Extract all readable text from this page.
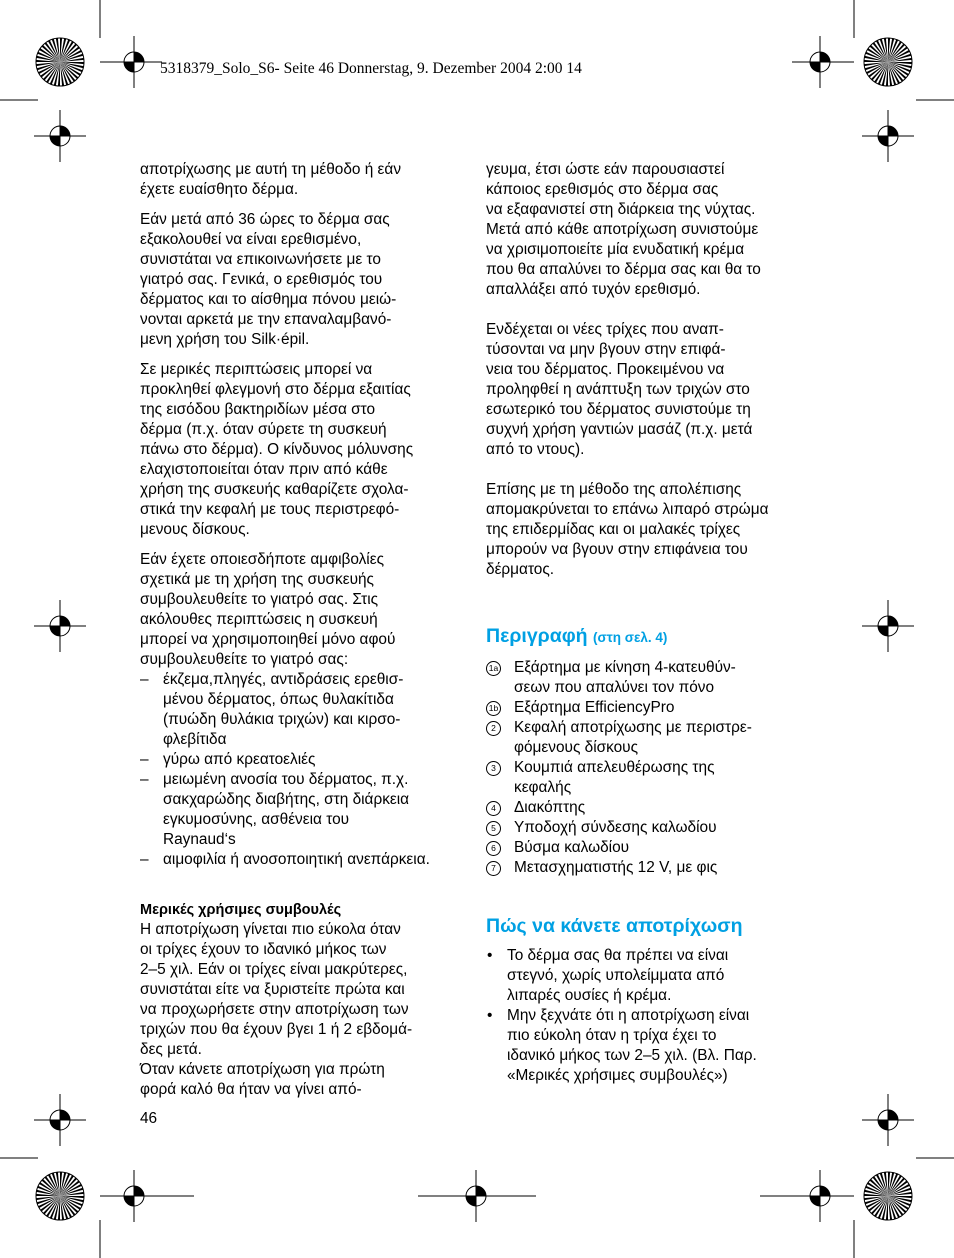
5318379_Solo_S6- Seite 46 Donnerstag, 9. Dezember 2004 2:00 14
αποτρίχωσης με αυτή τη μέθοδο ή εάν
έχετε ευαίσθητο δέρμα.
Εάν μετά από 36 ώρες το δέρμα σας
εξακολουθεί να είναι ερεθισμένο,
συνιστάται να επικοινωνήσετε με το
γιατρό σας. Γενικά, ο ερεθισμός του
δέρματος και το αίσθημα πόνου μειώ-
νονται αρκετά με την επαναλαμβανό-
μενη χρήση του Silk·épil.
Σε μερικές περιπτώσεις μπορεί να
προκληθεί φλεγμονή στο δέρμα εξαιτίας
της εισόδου βακτηριδίων μέσα στο
δέρμα (π.χ. όταν σύρετε τη συσκευή
πάνω στο δέρμα). Ο κίνδυνος μόλυνσης
ελαχιστοποιείται όταν πριν από κάθε
χρήση της συσκευής καθαρίζετε σχολα-
στικά την κεφαλή με τους περιστρεφό-
μενους δίσκους.
Εάν έχετε οποιεσδήποτε αμφιβολίες
σχετικά με τη χρήση της συσκευής
συμβουλευθείτε το γιατρό σας. Στις
ακόλουθες περιπτώσεις η συσκευή
μπορεί να χρησιμοποιηθεί μόνο αφού
συμβουλευθείτε το γιατρό σας:
– έκζεμα,πληγές, αντιδράσεις ερεθισ-
μένου δέρματος, όπως θυλακίτιδα
(πυώδη θυλάκια τριχών) και κιρσο-
φλεβίτιδα
– γύρω από κρεατοελιές
– μειωμένη ανοσία του δέρματος, π.χ.
σακχαρώδης διαβήτης, στη διάρκεια
εγκυμοσύνης, ασθένεια του
Raynaud‘s
– αιμοφιλία ή ανοσοποιητική ανεπάρκεια.
Μερικές χρήσιμες συμβουλές
Η αποτρίχωση γίνεται πιο εύκολα όταν
οι τρίχες έχουν το ιδανικό μήκος των
2–5 χιλ. Εάν οι τρίχες είναι μακρύτερες,
συνιστάται είτε να ξυριστείτε πρώτα και
να προχωρήσετε στην αποτρίχωση των
τριχών που θα έχουν βγει 1 ή 2 εβδομά-
δες μετά.
Όταν κάνετε αποτρίχωση για πρώτη
φορά καλό θα ήταν να γίνει από-
γευμα, έτσι ώστε εάν παρουσιαστεί
κάποιος ερεθισμός στο δέρμα σας
να εξαφανιστεί στη διάρκεια της νύχτας.
Μετά από κάθε αποτρίχωση συνιστούμε
να χρισιμοποιείτε μία ενυδατική κρέμα
που θα απαλύνει το δέρμα σας και θα το
απαλλάξει από τυχόν ερεθισμό.
Ενδέχεται οι νέες τρίχες που αναπ-
τύσονται να μην βγουν στην επιφά-
νεια του δέρματος. Προκειμένου να
προληφθεί η ανάπτυξη των τριχών στο
εσωτερικό του δέρματος συνιστούμε τη
συχνή χρήση γαντιών μασάζ (π.χ. μετά
από το ντους).
Επίσης με τη μέθοδο της απολέπισης
απομακρύνεται το επάνω λιπαρό στρώμα
της επιδερμίδας και οι μαλακές τρίχες
μπορούν να βγουν στην επιφάνεια του
δέρματος.
Περιγραφή (στη σελ. 4)
1a Εξάρτημα με κίνηση 4-κατευθύν-
σεων που απαλύνει τον πόνο
1b Εξάρτημα EfficiencyPro
2	Κεφαλή αποτρίχωσης με περιστρε-
φόμενους δίσκους
3	Κουμπιά απελευθέρωσης της
κεφαλής
4	Διακόπτης
5	Υποδοχή σύνδεσης καλωδίου
6	Βύσμα καλωδίου
7	Μετασχηματιστής 12 V, με φις
Πώς να κάνετε αποτρίχωση
• Το δέρμα σας θα πρέπει να είναι
στεγνό, χωρίς υπολείμματα από
λιπαρές ουσίες ή κρέμα.
• Μην ξεχνάτε ότι η αποτρίχωση είναι
πιο εύκολη όταν η τρίχα έχει το
ιδανικό μήκος των 2–5 χιλ. (Βλ. Παρ.
«Μερικές χρήσιμες συμβουλές»)
46
